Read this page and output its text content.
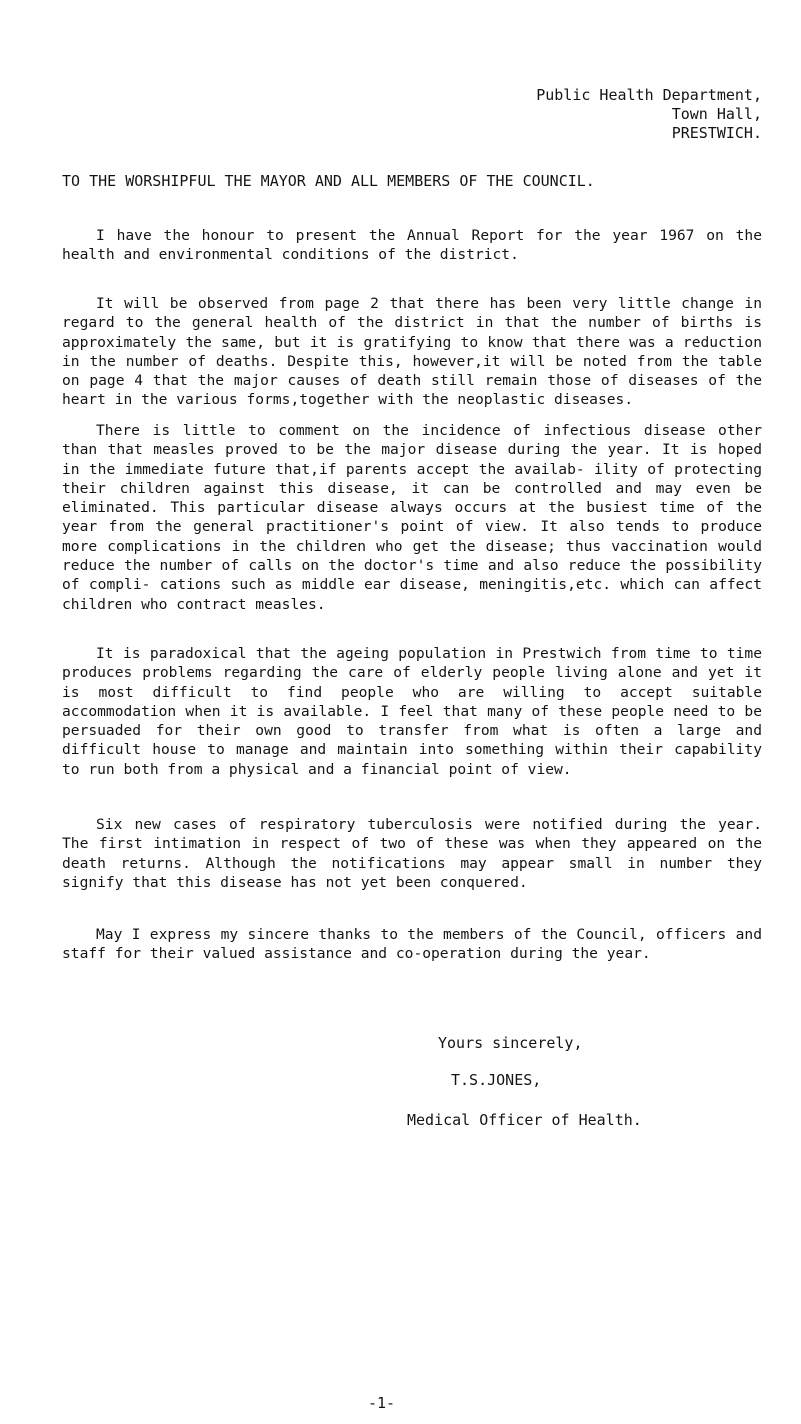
Public Health Department,
Town Hall,
PRESTWICH.
TO THE WORSHIPFUL THE MAYOR AND ALL MEMBERS OF THE COUNCIL.

I have the honour to present the Annual Report for the year 1967 on the health and environmental conditions of the district.

It will be observed from page 2 that there has been very little change in regard to the general health of the district in that the number of births is approximately the same, but it is gratifying to know that there was a reduction in the number of deaths. Despite this, however,it will be noted from the table on page 4 that the major causes of death still remain those of diseases of the heart in the various forms,together with the neoplastic diseases.

There is little to comment on the incidence of infectious disease other than that measles proved to be the major disease during the year. It is hoped in the immediate future that,if parents accept the availab- ility of protecting their children against this disease, it can be controlled and may even be eliminated. This particular disease always occurs at the busiest time of the year from the general practitioner's point of view. It also tends to produce more complications in the children who get the disease; thus vaccination would reduce the number of calls on the doctor's time and also reduce the possibility of compli- cations such as middle ear disease, meningitis,etc. which can affect children who contract measles.

It is paradoxical that the ageing population in Prestwich from time to time produces problems regarding the care of elderly people living alone and yet it is most difficult to find people who are willing to accept suitable accommodation when it is available. I feel that many of these people need to be persuaded for their own good to transfer from what is often a large and difficult house to manage and maintain into something within their capability to run both from a physical and a financial point of view.

Six new cases of respiratory tuberculosis were notified during the year. The first intimation in respect of two of these was when they appeared on the death returns. Although the notifications may appear small in number they signify that this disease has not yet been conquered.

May I express my sincere thanks to the members of the Council, officers and staff for their valued assistance and co-operation during the year.

Yours sincerely,
T.S.JONES,
Medical Officer of Health.
-1-
